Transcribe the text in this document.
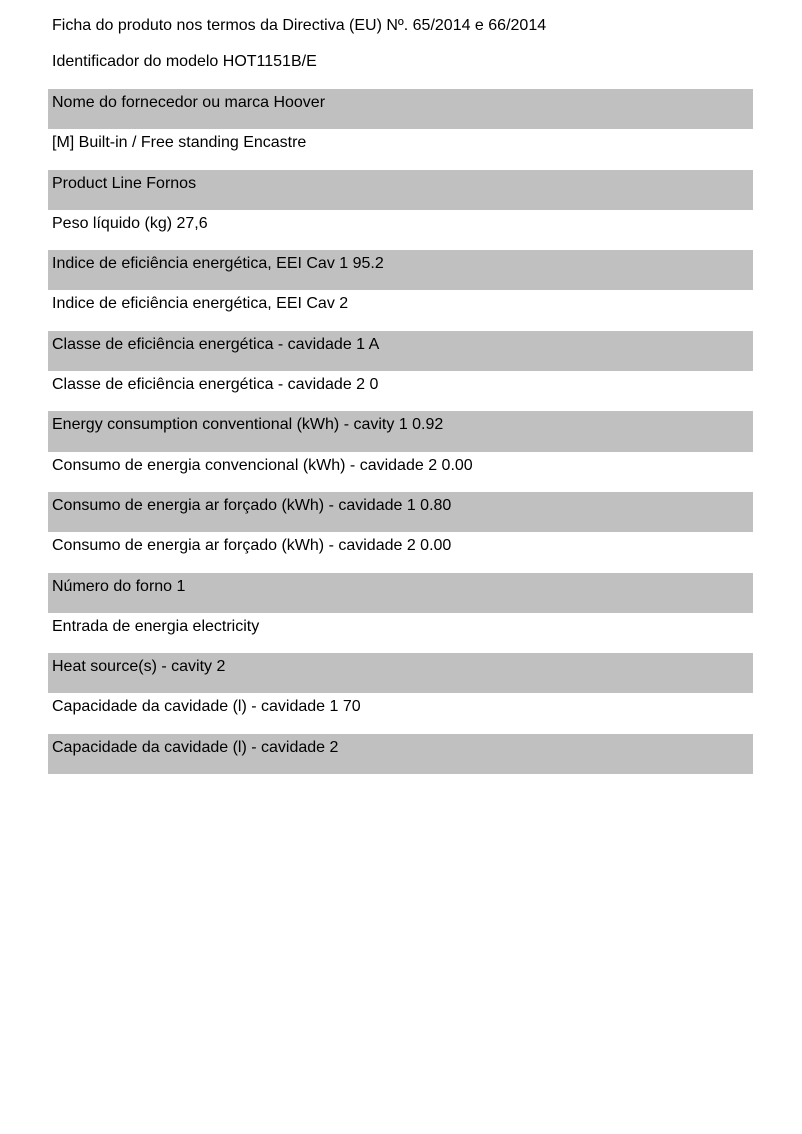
Ficha do produto nos termos da Directiva (EU) Nº. 65/2014 e 66/2014
Identificador do modelo HOT1151B/E
Nome do fornecedor ou marca Hoover
[M] Built-in / Free standing Encastre
Product Line Fornos
Peso líquido (kg) 27,6
Indice de eficiência energética, EEI Cav 1 95.2
Indice de eficiência energética, EEI Cav 2
Classe de eficiência energética - cavidade 1 A
Classe de eficiência energética - cavidade 2 0
Energy consumption conventional (kWh) - cavity 1 0.92
Consumo de energia convencional (kWh) - cavidade 2 0.00
Consumo de energia ar forçado (kWh) - cavidade 1 0.80
Consumo de energia ar forçado (kWh) - cavidade 2 0.00
Número do forno 1
Entrada de energia electricity
Heat source(s) - cavity 2
Capacidade da cavidade (l) - cavidade 1 70
Capacidade da cavidade (l) - cavidade 2
